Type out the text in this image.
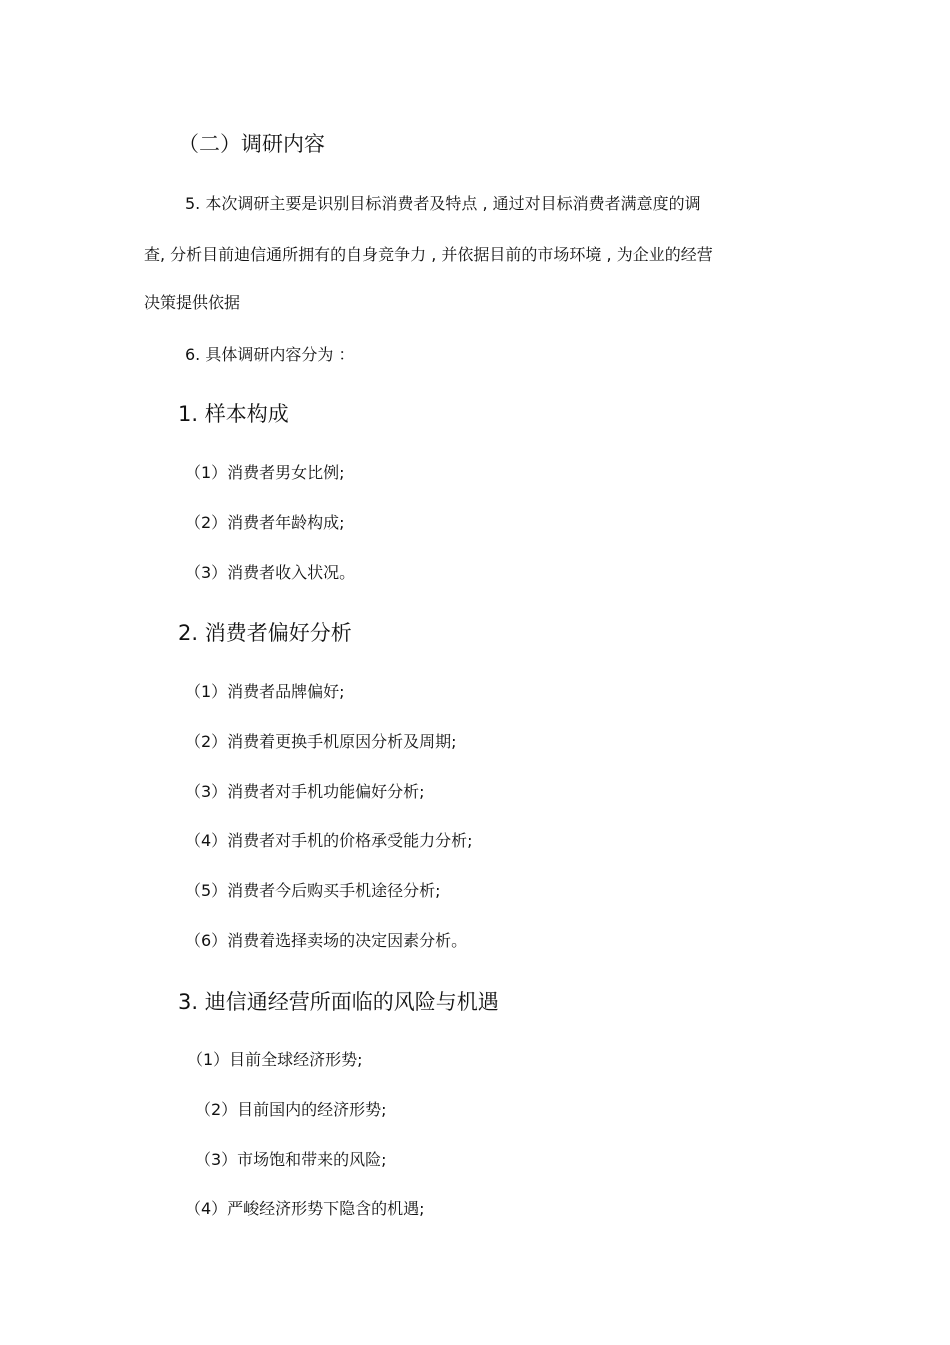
（二）调研内容
5. 本次调研主要是识别目标消费者及特点 , 通过对目标消费者满意度的调
查, 分析目前迪信通所拥有的自身竞争力 , 并依据目前的市场环境 , 为企业的经营
决策提供依据
6. 具体调研内容分为 ：
1. 样本构成
（1）消费者男女比例;
（2）消费者年龄构成;
（3）消费者收入状况。
2. 消费者偏好分析
（1）消费者品牌偏好;
（2）消费着更换手机原因分析及周期;
（3）消费者对手机功能偏好分析;
（4）消费者对手机的价格承受能力分析;
（5）消费者今后购买手机途径分析;
（6）消费着选择卖场的决定因素分析。
3. 迪信通经营所面临的风险与机遇
（1）目前全球经济形势;
（2）目前国内的经济形势;
（3）市场饱和带来的风险;
（4）严峻经济形势下隐含的机遇;
